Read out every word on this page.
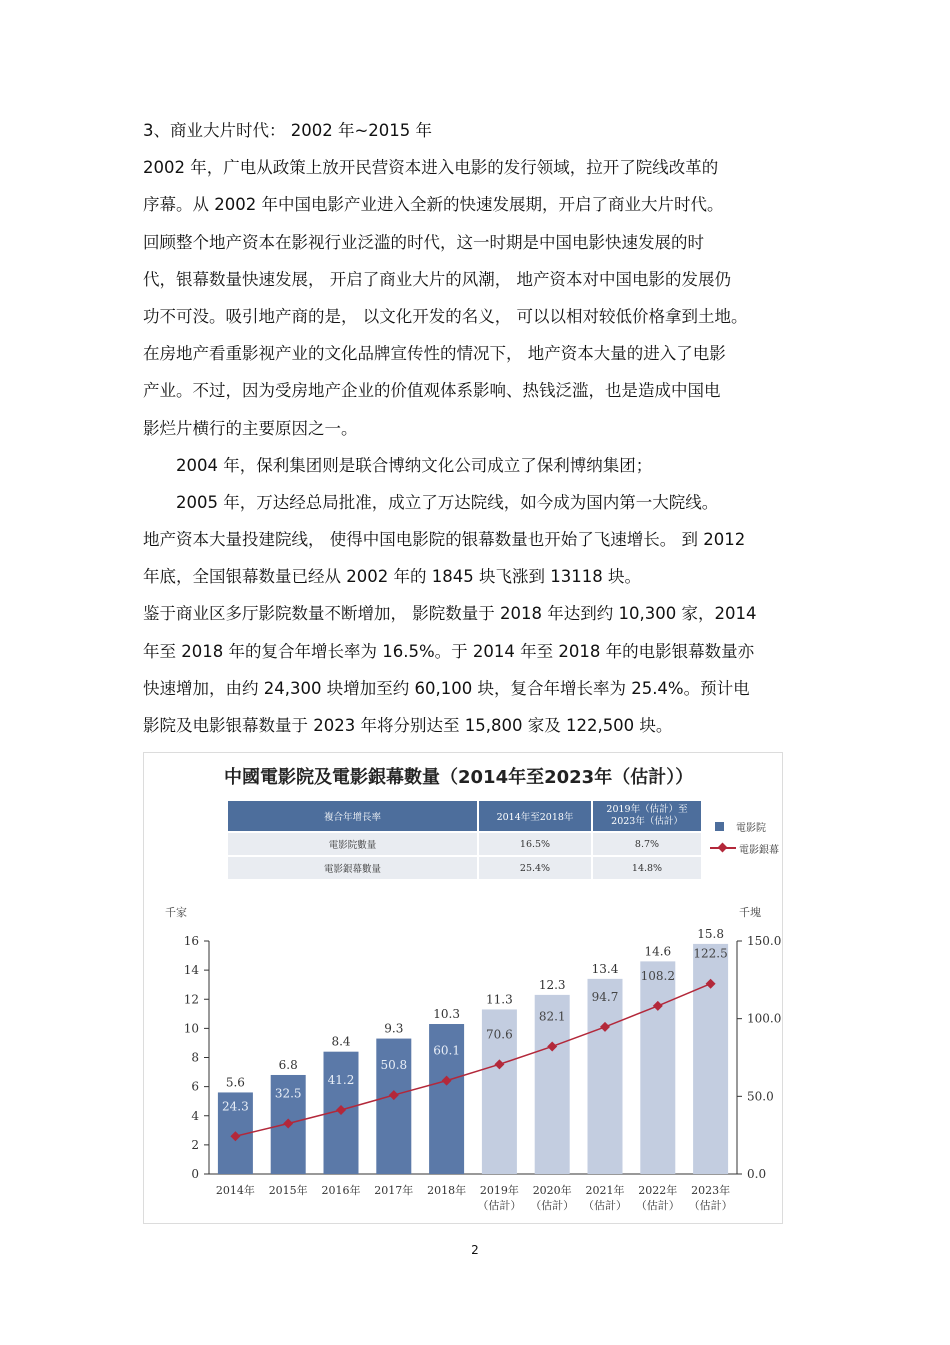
3、商业大片时代： 2002 年~2015 年

2002 年，广电从政策上放开民营资本进入电影的发行领域，拉开了院线改革的

序幕。从 2002 年中国电影产业进入全新的快速发展期，开启了商业大片时代。

回顾整个地产资本在影视行业泛滥的时代，这一时期是中国电影快速发展的时

代，银幕数量快速发展， 开启了商业大片的风潮， 地产资本对中国电影的发展仍

功不可没。吸引地产商的是， 以文化开发的名义， 可以以相对较低价格拿到土地。

在房地产看重影视产业的文化品牌宣传性的情况下， 地产资本大量的进入了电影

产业。不过，因为受房地产企业的价值观体系影响、热钱泛滥，也是造成中国电

影烂片横行的主要原因之一。

2004 年，保利集团则是联合博纳文化公司成立了保利博纳集团；

2005 年，万达经总局批准，成立了万达院线，如今成为国内第一大院线。

地产资本大量投建院线， 使得中国电影院的银幕数量也开始了飞速增长。 到 2012

年底，全国银幕数量已经从 2002 年的 1845 块飞涨到 13118 块。

鉴于商业区多厅影院数量不断增加， 影院数量于 2018 年达到约 10,300 家，2014

年至 2018 年的复合年增长率为 16.5%。于 2014 年至 2018 年的电影银幕数量亦

快速增加，由约 24,300 块增加至约 60,100 块，复合年增长率为 25.4%。预计电

影院及电影银幕数量于 2023 年将分别达至 15,800 家及 122,500 块。

中國電影院及電影銀幕數量（2014年至2023年（估計））
複合年增長率	2014年至2018年	2019年（估計）至2023年（估計）
電影院數量	16.5%	8.7%
電影銀幕數量	25.4%	14.8%
電影院
電影銀幕
千家	千塊
0
2
4
6
8
10
12
14
16
0.0
50.0
100.0
150.0
5.6
6.8
8.4
9.3
10.3
11.3
12.3
13.4
14.6
15.8
24.3
32.5
41.2
50.8
60.1
70.6
82.1
94.7
108.2
122.5
2014年 2015年 2016年 2017年 2018年 2019年
（估計）
2020年
（估計）
2021年
（估計）
2022年
（估計）
2023年
（估計）
2
